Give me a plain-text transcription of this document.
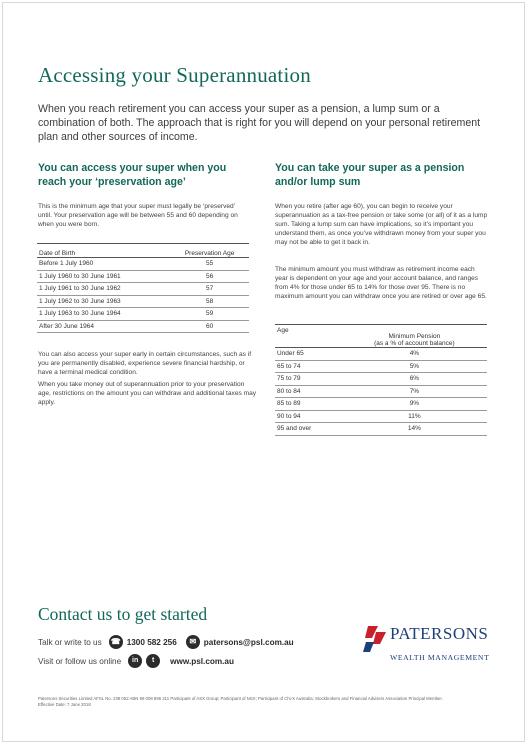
Accessing your Superannuation
When you reach retirement you can access your super as a pension, a lump sum or a combination of both. The approach that is right for you will depend on your personal retirement plan and other sources of income.
You can access your super when you reach your ‘preservation age’
This is the minimum age that your super must legally be ‘preserved’ until. Your preservation age will be between 55 and 60 depending on when you were born.
Date of Birth	Preservation Age
Before 1 July 1960	55
1 July 1960 to 30 June 1961	56
1 July 1961 to 30 June 1962	57
1 July 1962 to 30 June 1963	58
1 July 1963 to 30 June 1964	59
After 30 June 1964	60
You can also access your super early in certain circumstances, such as if you are permanently disabled, experience severe financial hardship, or have a terminal medical condition.
When you take money out of superannuation prior to your preservation age, restrictions on the amount you can withdraw and additional taxes may apply.
You can take your super as a pension and/or lump sum
When you retire (after age 60), you can begin to receive your superannuation as a tax-free pension or take some (or all) of it as a lump sum. Taking a lump sum can have implications, so it’s important you understand them, as once you’ve withdrawn money from your super you may not be able to get it back in.
The minimum amount you must withdraw as retirement income each year is dependent on your age and your account balance, and ranges from 4% for those under 65 to 14% for those over 95. There is no maximum amount you can withdraw once you are retired or over age 65.
Age	Minimum Pension
(as a % of account balance)

Under 65	4%
65 to 74	5%
75 to 79	6%
80 to 84	7%
85 to 89	9%
90 to 94	11%
95 and over	14%
Contact us to get started
Talk or write to us ☎ 1300 582 256	✉ patersons@psl.com.au
Visit or follow us online	in	t	www.psl.com.au
PATERSONS
WEALTH MANAGEMENT
Patersons Securities Limited AFSL No. 239 052 ABN 69 008 896 311 Participant of ASX Group; Participant of NSX; Participant of Chi-X Australia; Stockbrokers and Financial Advisers Association Principal Member.
Effective Date: 7 June 2018
